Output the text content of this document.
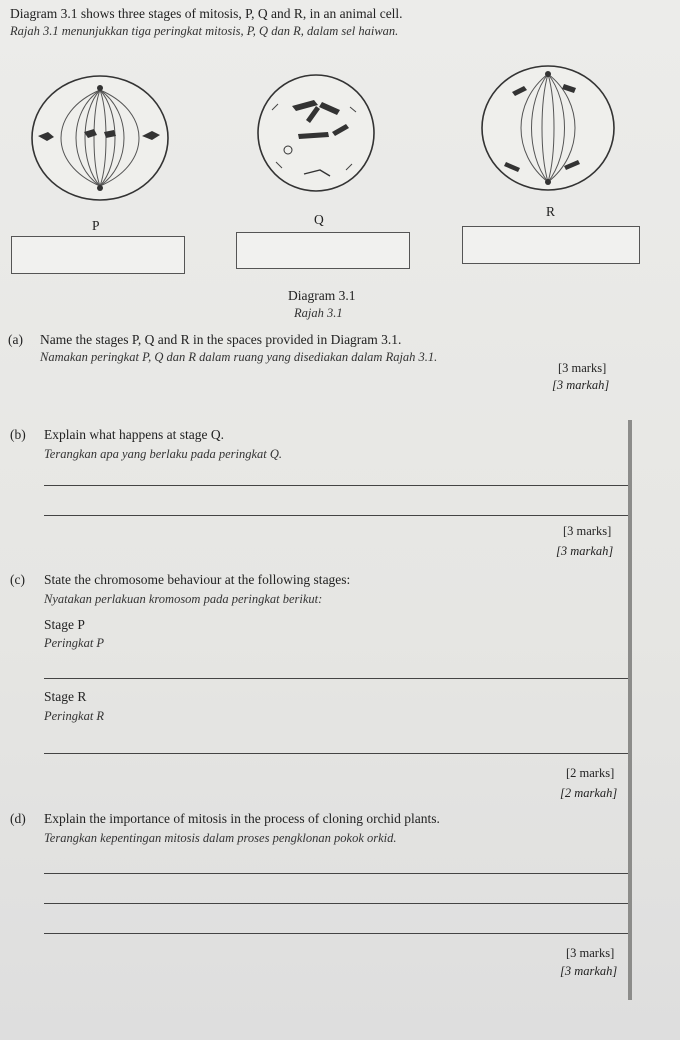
Diagram 3.1 shows three stages of mitosis, P, Q and R, in an animal cell.
Rajah 3.1 menunjukkan tiga peringkat mitosis, P, Q dan R, dalam sel haiwan.
P	Q
R
Diagram 3.1
Rajah 3.1
(a) Name the stages P, Q and R in the spaces provided in Diagram 3.1.
Namakan peringkat P, Q dan R dalam ruang yang disediakan dalam Rajah 3.1.
[3 marks]
[3 markah]
(b) Explain what happens at stage Q.
Terangkan apa yang berlaku pada peringkat Q.
[3 marks]
[3 markah]
(c) State the chromosome behaviour at the following stages:
Nyatakan perlakuan kromosom pada peringkat berikut:
Stage P
Peringkat P
Stage R
Peringkat R
[2 marks]
[2 markah]
(d) Explain the importance of mitosis in the process of cloning orchid plants.
Terangkan kepentingan mitosis dalam proses pengklonan pokok orkid.
[3 marks]
[3 markah]
